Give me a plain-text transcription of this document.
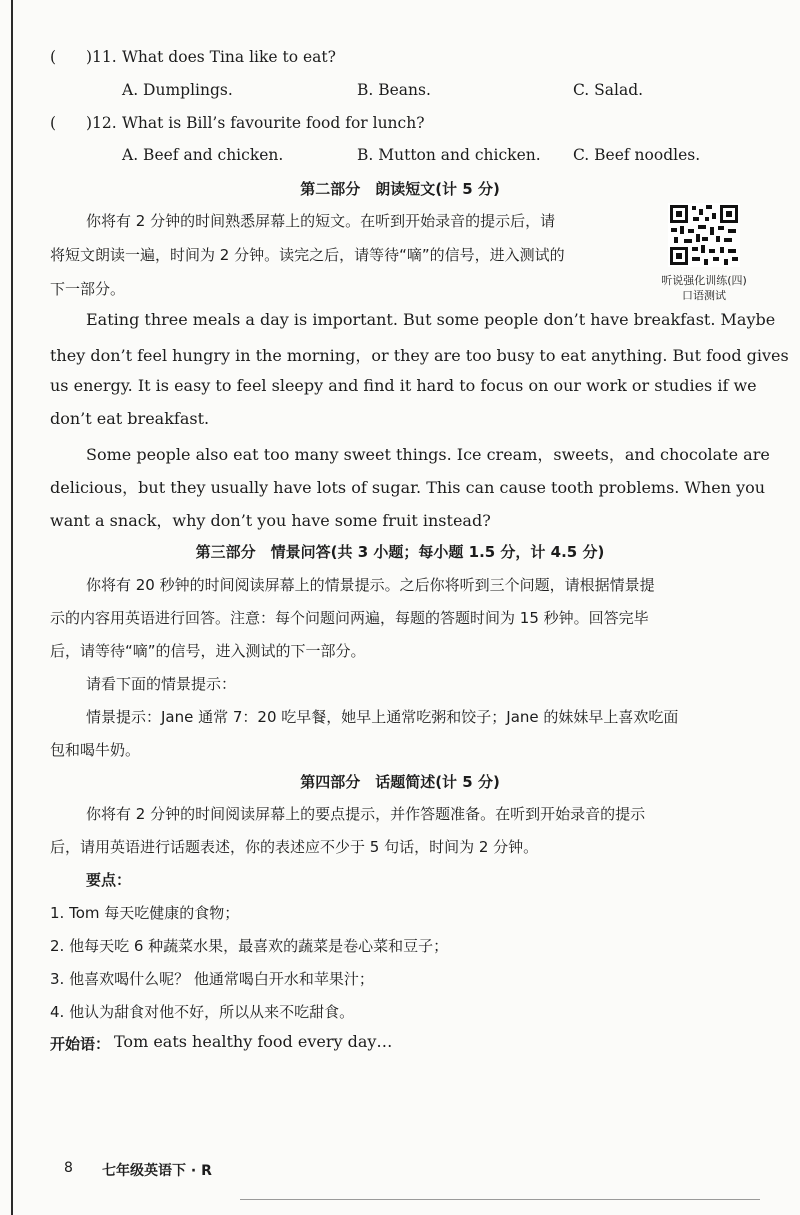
( ) 11. What does Tina like to eat?
A. Dumplings.	B. Beans.	C. Salad.
( ) 12. What is Bill’s favourite food for lunch?
A. Beef and chicken.	B. Mutton and chicken. C. Beef noodles.
第二部分　朗读短文(计 5 分)
你将有 2 分钟的时间熟悉屏幕上的短文。在听到开始录音的提示后，请
将短文朗读一遍，时间为 2 分钟。读完之后，请等待“嘀”的信号，进入测试的
下一部分。	听说强化训练(四)
口语测试
Eating three meals a day is important. But some people don’t have breakfast. Maybe
they don’t feel hungry in the morning，or they are too busy to eat anything. But food gives
us energy. It is easy to feel sleepy and find it hard to focus on our work or studies if we
don’t eat breakfast.
Some people also eat too many sweet things. Ice cream，sweets，and chocolate are
delicious，but they usually have lots of sugar. This can cause tooth problems. When you
want a snack，why don’t you have some fruit instead?
第三部分　情景问答(共 3 小题；每小题 1.5 分，计 4.5 分)
你将有 20 秒钟的时间阅读屏幕上的情景提示。之后你将听到三个问题，请根据情景提
示的内容用英语进行回答。注意：每个问题问两遍，每题的答题时间为 15 秒钟。回答完毕
后，请等待“嘀”的信号，进入测试的下一部分。
请看下面的情景提示：
情景提示：Jane 通常 7：20 吃早餐，她早上通常吃粥和饺子；Jane 的妹妹早上喜欢吃面
包和喝牛奶。
第四部分　话题简述(计 5 分)
你将有 2 分钟的时间阅读屏幕上的要点提示，并作答题准备。在听到开始录音的提示
后，请用英语进行话题表述，你的表述应不少于 5 句话，时间为 2 分钟。
要点：
1. Tom 每天吃健康的食物；
2. 他每天吃 6 种蔬菜水果，最喜欢的蔬菜是卷心菜和豆子；
3. 他喜欢喝什么呢？ 他通常喝白开水和苹果汁；
4. 他认为甜食对他不好，所以从来不吃甜食。
开始语： Tom eats healthy food every day…
8 七年级英语下 · R
